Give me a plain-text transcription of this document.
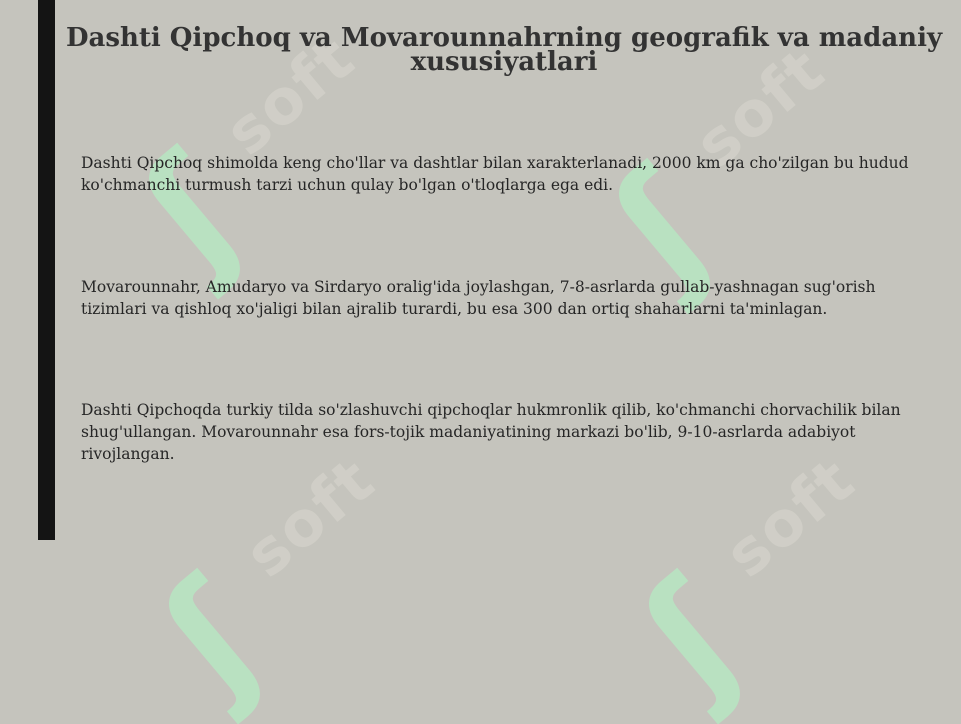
ʃ
soft
ʃ
soft
ʃ
soft
ʃ
soft
Dashti Qipchoq va Movarounnahrning geografik va madaniy xususiyatlari

Dashti Qipchoq shimolda keng cho'llar va dashtlar bilan xarakterlanadi, 2000 km ga cho'zilgan bu hudud ko'chmanchi turmush tarzi uchun qulay bo'lgan o'tloqlarga ega edi.

Movarounnahr, Amudaryo va Sirdaryo oralig'ida joylashgan, 7-8-asrlarda gullab-yashnagan sug'orish tizimlari va qishloq xo'jaligi bilan ajralib turardi, bu esa 300 dan ortiq shaharlarni ta'minlagan.

Dashti Qipchoqda turkiy tilda so'zlashuvchi qipchoqlar hukmronlik qilib, ko'chmanchi chorvachilik bilan shug'ullangan. Movarounnahr esa fors-tojik madaniyatining markazi bo'lib, 9-10-asrlarda adabiyot rivojlangan.
